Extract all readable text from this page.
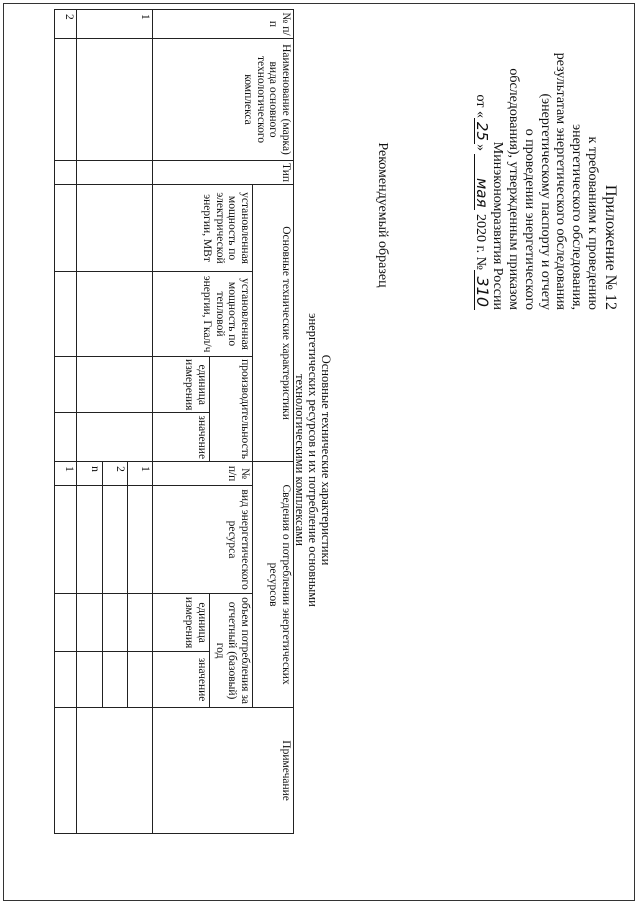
Приложение № 12
к требованиям к проведению
энергетического обследования,
результатам энергетического обследования
(энергетическому паспорту и отчету
о проведении энергетического
обследования), утвержденным приказом
Минэкономразвития России
от «25» мая 2020 г. №310
Рекомендуемый образец
Основные технические характеристики
энергетических ресурсов и их потребление основными
технологическими комплексами
№ п/п	Наименование (марка) вида основного технологического комплекса	Тип	Основные технические характеристики				Сведения о потреблении энергетических ресурсов				Примечание
			установленная мощность по электрической энергии, МВт	установленная мощность по тепловой энергии, Гкал/ч	производительность		№ п/п	вид энергетического ресурса	объем потребления за отчетный (базовый) год		
					единица измерения	значение			единица измерения	значение	
1							1				
							2				
							n				
2							1				
